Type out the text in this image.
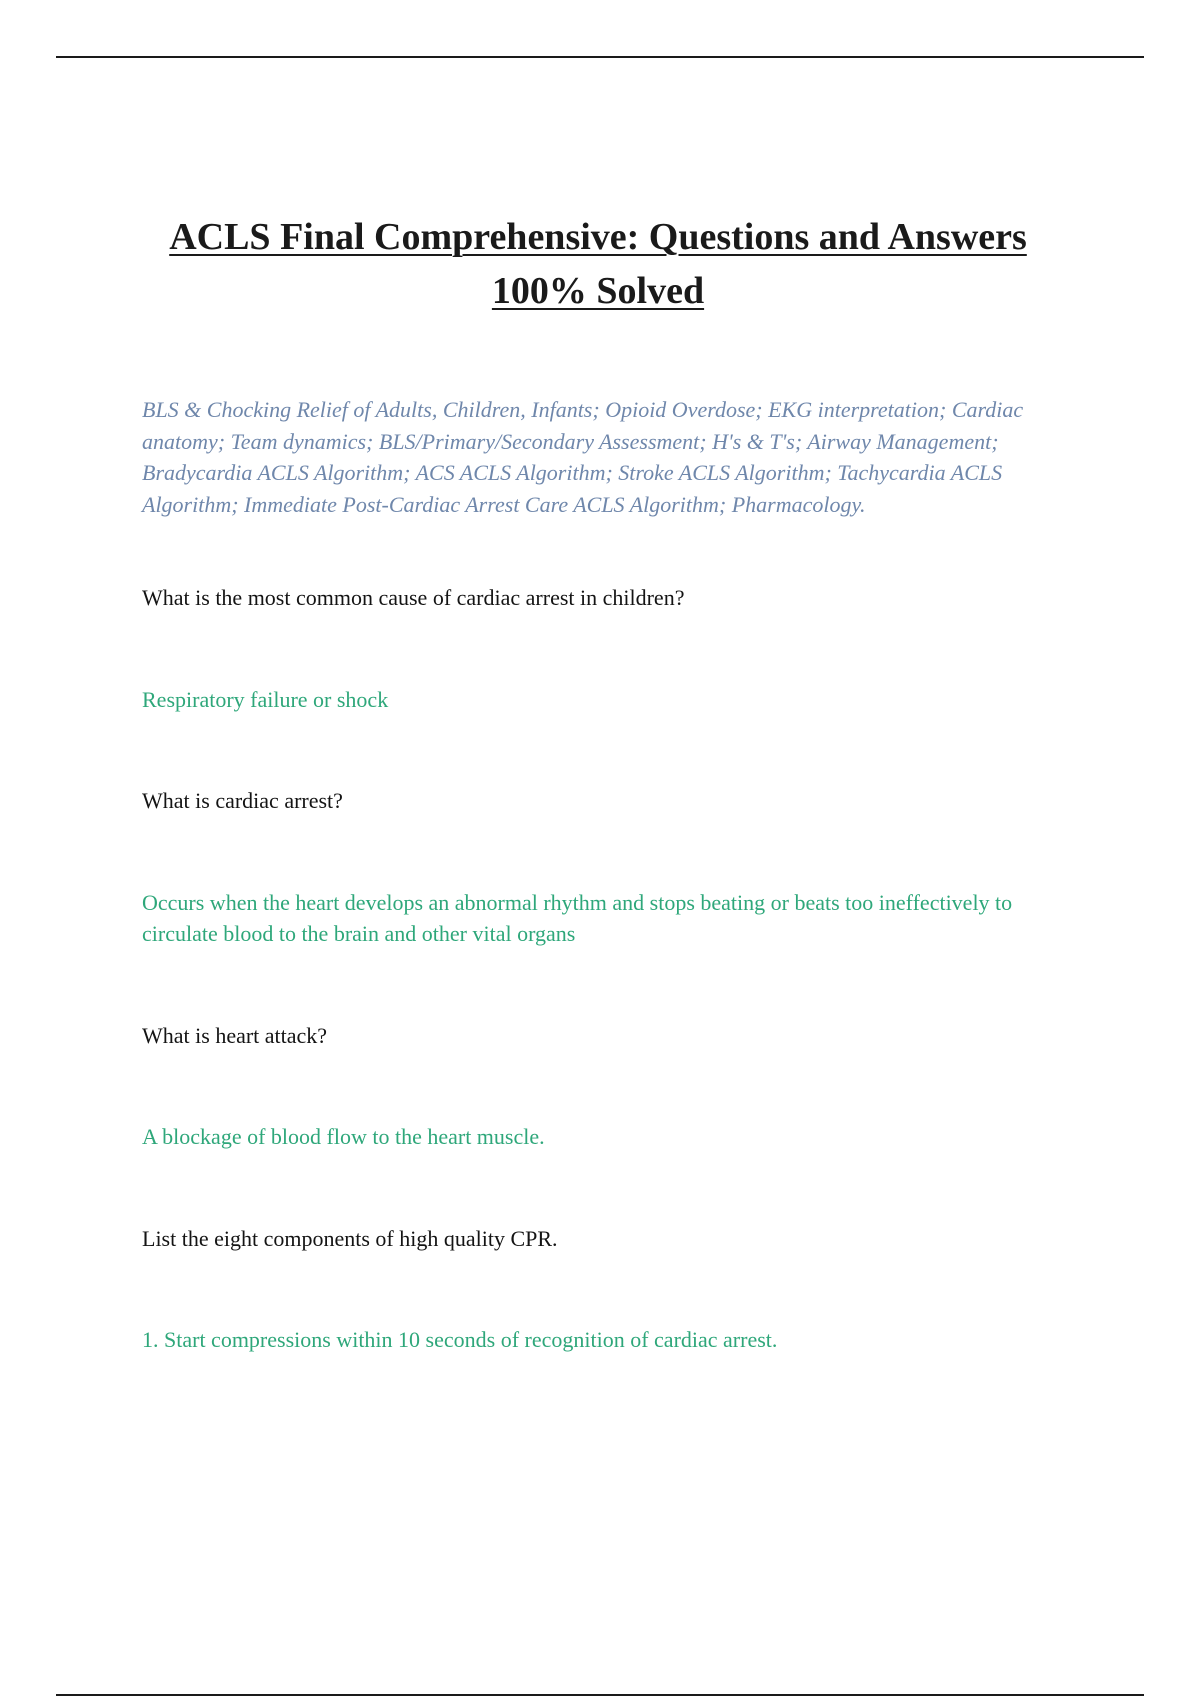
ACLS Final Comprehensive: Questions and Answers 100% Solved

BLS & Chocking Relief of Adults, Children, Infants; Opioid Overdose; EKG interpretation; Cardiac anatomy; Team dynamics; BLS/Primary/Secondary Assessment; H's & T's; Airway Management; Bradycardia ACLS Algorithm; ACS ACLS Algorithm; Stroke ACLS Algorithm; Tachycardia ACLS Algorithm; Immediate Post-Cardiac Arrest Care ACLS Algorithm; Pharmacology.

What is the most common cause of cardiac arrest in children?

Respiratory failure or shock

What is cardiac arrest?

Occurs when the heart develops an abnormal rhythm and stops beating or beats too ineffectively to circulate blood to the brain and other vital organs

What is heart attack?

A blockage of blood flow to the heart muscle.

List the eight components of high quality CPR.

1. Start compressions within 10 seconds of recognition of cardiac arrest.
